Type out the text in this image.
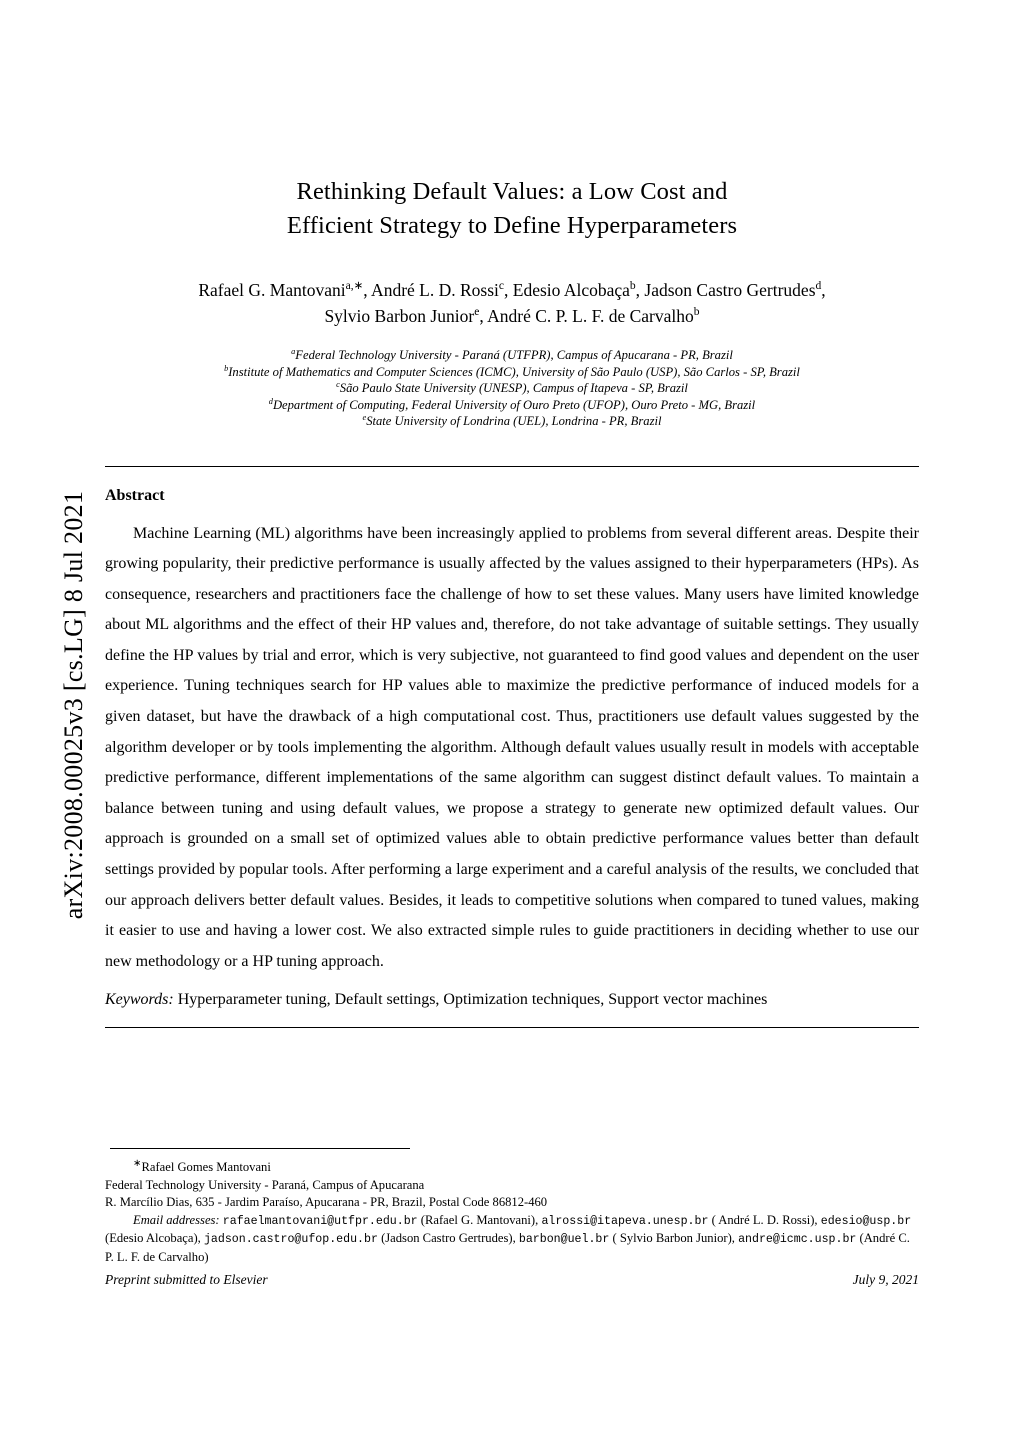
arXiv:2008.00025v3 [cs.LG] 8 Jul 2021
Rethinking Default Values: a Low Cost and
Efficient Strategy to Define Hyperparameters
Rafael G. Mantovani$^{a,∗}$, André L. D. Rossi$^c$, Edesio Alcobaça$^b$, Jadson Castro Gertrudes$^d$,
Sylvio Barbon Junior$^e$, André C. P. L. F. de Carvalho$^b$
$^a$Federal Technology University - Paraná (UTFPR), Campus of Apucarana - PR, Brazil
$^b$Institute of Mathematics and Computer Sciences (ICMC), University of São Paulo (USP), São Carlos - SP, Brazil
$^c$São Paulo State University (UNESP), Campus of Itapeva - SP, Brazil
$^d$Department of Computing, Federal University of Ouro Preto (UFOP), Ouro Preto - MG, Brazil
$^e$State University of Londrina (UEL), Londrina - PR, Brazil
Abstract
Machine Learning (ML) algorithms have been increasingly applied to problems from several different areas. Despite their growing popularity, their predictive performance is usually affected by the values assigned to their hyperparameters (HPs). As consequence, researchers and practitioners face the challenge of how to set these values. Many users have limited knowledge about ML algorithms and the effect of their HP values and, therefore, do not take advantage of suitable settings. They usually define the HP values by trial and error, which is very subjective, not guaranteed to find good values and dependent on the user experience. Tuning techniques search for HP values able to maximize the predictive performance of induced models for a given dataset, but have the drawback of a high computational cost. Thus, practitioners use default values suggested by the algorithm developer or by tools implementing the algorithm. Although default values usually result in models with acceptable predictive performance, different implementations of the same algorithm can suggest distinct default values. To maintain a balance between tuning and using default values, we propose a strategy to generate new optimized default values. Our approach is grounded on a small set of optimized values able to obtain predictive performance values better than default settings provided by popular tools. After performing a large experiment and a careful analysis of the results, we concluded that our approach delivers better default values. Besides, it leads to competitive solutions when compared to tuned values, making it easier to use and having a lower cost. We also extracted simple rules to guide practitioners in deciding whether to use our new methodology or a HP tuning approach.
Keywords: Hyperparameter tuning, Default settings, Optimization techniques, Support vector machines
∗Rafael Gomes Mantovani
Federal Technology University - Paraná, Campus of Apucarana
R. Marcílio Dias, 635 - Jardim Paraíso, Apucarana - PR, Brazil, Postal Code 86812-460
Email addresses: rafaelmantovani@utfpr.edu.br (Rafael G. Mantovani), alrossi@itapeva.unesp.br ( André L. D. Rossi), edesio@usp.br (Edesio Alcobaça), jadson.castro@ufop.edu.br (Jadson Castro Gertrudes), barbon@uel.br ( Sylvio Barbon Junior), andre@icmc.usp.br (André C. P. L. F. de Carvalho)
Preprint submitted to Elsevier	July 9, 2021
